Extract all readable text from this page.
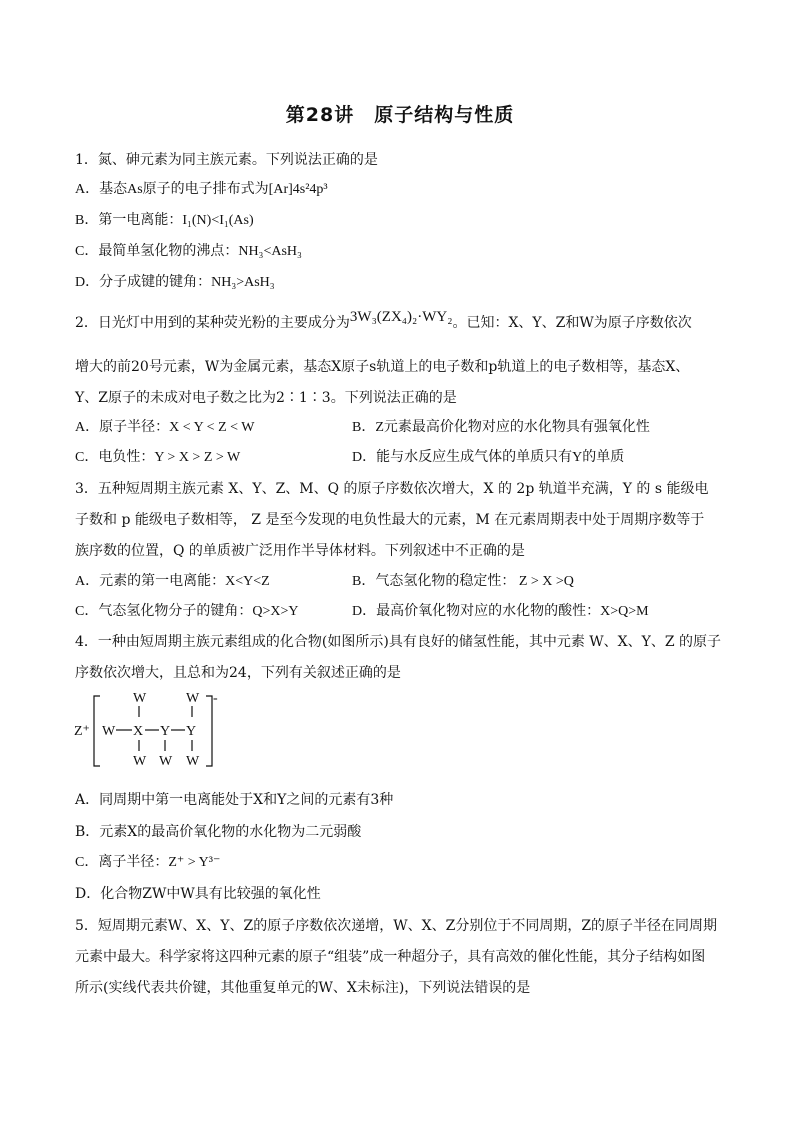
第28讲　原子结构与性质
1．氮、砷元素为同主族元素。下列说法正确的是
A．基态As原子的电子排布式为[Ar]4s²4p³
B．第一电离能：I₁(N)<I₁(As)
C．最简单氢化物的沸点：NH₃<AsH₃
D．分子成键的键角：NH₃>AsH₃
2．日光灯中用到的某种荧光粉的主要成分为3W₃(ZX₄)₂·WY₂。已知：X、Y、Z和W为原子序数依次
增大的前20号元素，W为金属元素，基态X原子s轨道上的电子数和p轨道上的电子数相等，基态X、
Y、Z原子的未成对电子数之比为2∶1∶3。下列说法正确的是
A．原子半径：X < Y < Z < W	B．Z元素最高价化物对应的水化物具有强氧化性
C．电负性：Y > X > Z > W	D．能与水反应生成气体的单质只有Y的单质
3．五种短周期主族元素 X、Y、Z、M、Q 的原子序数依次增大，X 的 2p 轨道半充满，Y 的 s 能级电
子数和 p 能级电子数相等， Z 是至今发现的电负性最大的元素，M 在元素周期表中处于周期序数等于
族序数的位置，Q 的单质被广泛用作半导体材料。下列叙述中不正确的是
A．元素的第一电离能：X<Y<Z	B．气态氢化物的稳定性： Z > X >Q
C．气态氢化物分子的键角：Q>X>Y	D．最高价氧化物对应的水化物的酸性：X>Q>M
4．一种由短周期主族元素组成的化合物(如图所示)具有良好的储氢性能，其中元素 W、X、Y、Z 的原子
序数依次增大，且总和为24，下列有关叙述正确的是
Z⁺
-
W	W
W X Y Y
W W W
A．同周期中第一电离能处于X和Y之间的元素有3种
B．元素X的最高价氧化物的水化物为二元弱酸
C．离子半径：Z⁺ > Y³⁻
D．化合物ZW中W具有比较强的氧化性
5．短周期元素W、X、Y、Z的原子序数依次递增，W、X、Z分别位于不同周期，Z的原子半径在同周期
元素中最大。科学家将这四种元素的原子“组装”成一种超分子，具有高效的催化性能，其分子结构如图
所示(实线代表共价键，其他重复单元的W、X未标注)，下列说法错误的是
